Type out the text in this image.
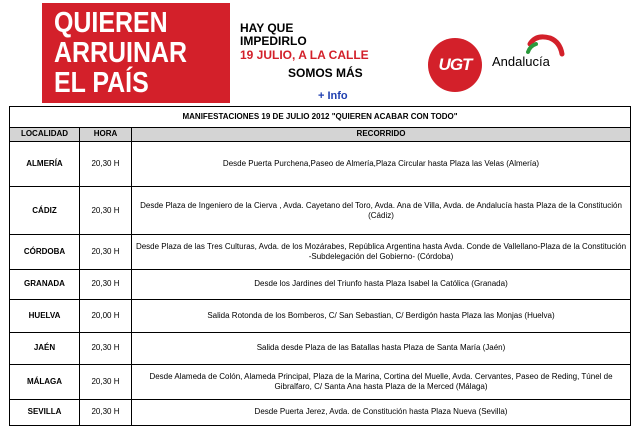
QUIEREN
ARRUINAR
EL PAÍS
HAY QUE
IMPEDIRLO
19 JULIO, A LA CALLE
SOMOS MÁS
+ Info
UGT Andalucía
MANIFESTACIONES 19 DE JULIO 2012 "QUIEREN ACABAR CON TODO"		
LOCALIDAD	HORA	RECORRIDO
ALMERÍA	20,30 H	Desde Puerta Purchena,Paseo de Almería,Plaza Circular hasta Plaza las Velas (Almería)
CÁDIZ	20,30 H	Desde Plaza de Ingeniero de la Cierva , Avda. Cayetano del Toro, Avda. Ana de Villa, Avda. de Andalucía hasta Plaza de la Constitución (Cádiz)
CÓRDOBA	20,30 H	Desde Plaza de las Tres Culturas, Avda. de los Mozárabes, República Argentina hasta Avda. Conde de Vallellano-Plaza de la Constitución -Subdelegación del Gobierno- (Córdoba)
GRANADA	20,30 H	Desde los Jardines del Triunfo hasta Plaza Isabel la Católica (Granada)
HUELVA	20,00 H	Salida Rotonda de los Bomberos, C/ San Sebastian, C/ Berdigón hasta Plaza las Monjas (Huelva)
JAÉN	20,30 H	Salida desde Plaza de las Batallas hasta Plaza de Santa María (Jaén)
MÁLAGA	20,30 H	Desde Alameda de Colón, Alameda Principal, Plaza de la Marina, Cortina del Muelle, Avda. Cervantes, Paseo de Reding, Túnel de Gibralfaro, C/ Santa Ana hasta Plaza de la Merced (Málaga)
SEVILLA	20,30 H	Desde Puerta Jerez, Avda. de Constitución hasta Plaza Nueva (Sevilla)
